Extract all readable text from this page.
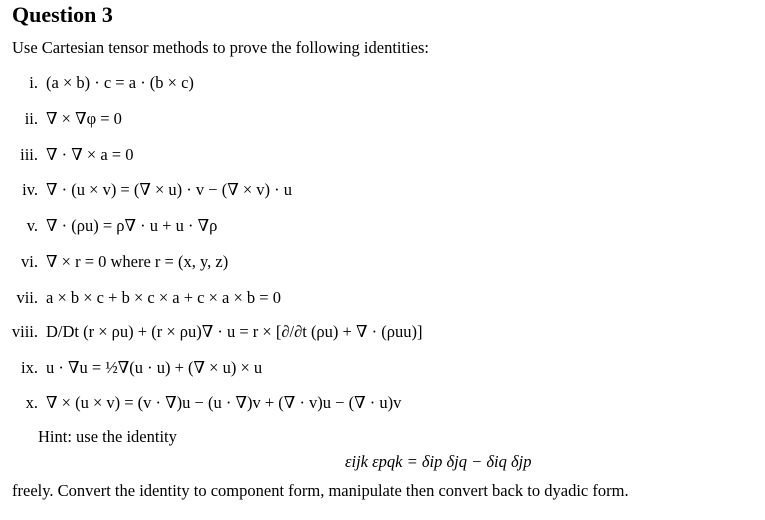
Question 3
Use Cartesian tensor methods to prove the following identities:
i. (a × b) · c = a · (b × c)
ii. ∇ × ∇φ = 0
iii. ∇ · ∇ × a = 0
iv. ∇ · (u × v) = (∇ × u) · v − (∇ × v) · u
v. ∇ · (ρu) = ρ∇ · u + u · ∇ρ
vi. ∇ × r = 0 where r = (x, y, z)
vii. a × b × c + b × c × a + c × a × b = 0
viii. D/Dt (r × ρu) + (r × ρu)∇ · u = r × [∂/∂t (ρu) + ∇ · (ρuu)]
ix. u · ∇u = ½∇(u · u) + (∇ × u) × u
x. ∇ × (u × v) = (v · ∇)u − (u · ∇)v + (∇ · v)u − (∇ · u)v
Hint: use the identity
εijk εpqk = δip δjq − δiq δjp
freely. Convert the identity to component form, manipulate then convert back to dyadic form.
